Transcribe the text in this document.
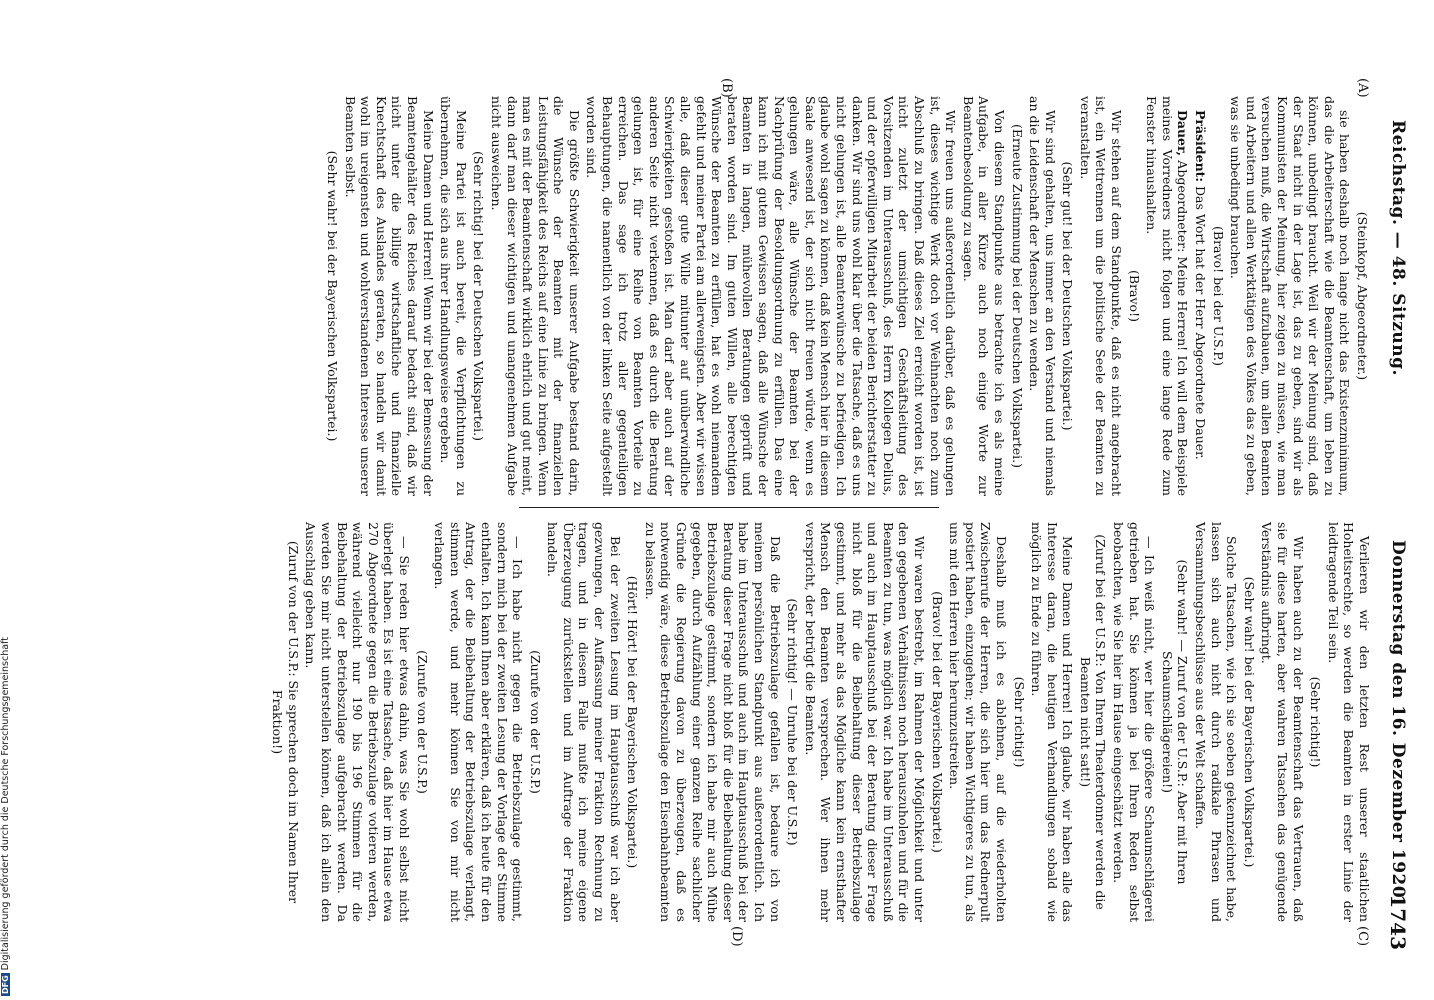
Reichstag. — 48. Sitzung.
Donnerstag den 16. Dezember 1920.
1743
(A)
(B)
(C)
(D)

(Steinkopf, Abgeordneter.)

sie haben deshalb noch lange nicht das Existenzminimum, das die Arbeiterschaft wie die Beamtenschaft, um leben zu können, unbedingt braucht. Weil wir der Meinung sind, daß der Staat nicht in der Lage ist, das zu geben, sind wir als Kommunisten der Meinung, hier zeigen zu müssen, wie man versuchen muß, die Wirtschaft aufzubauen, um allen Beamten und Arbeitern und allen Werktätigen des Volkes das zu geben, was sie unbedingt brauchen.

(Bravo! bei der U.S.P.)

Präsident: Das Wort hat der Herr Abgeordnete Dauer.

Dauer, Abgeordneter: Meine Herren! Ich will dem Beispiele meines Vorredners nicht folgen und eine lange Rede zum Fenster hinaushalten.

(Bravo!)

Wir stehen auf dem Standpunkte, daß es nicht angebracht ist, ein Wettrennen um die politische Seele der Beamten zu veranstalten.

(Sehr gut! bei der Deutschen Volkspartei.)

Wir sind gehalten, uns immer an den Verstand und niemals an die Leidenschaft der Menschen zu wenden.

(Erneute Zustimmung bei der Deutschen Volkspartei.)

Von diesem Standpunkte aus betrachte ich es als meine Aufgabe, in aller Kürze auch noch einige Worte zur Beamtenbesoldung zu sagen.

Wir freuen uns außerordentlich darüber, daß es gelungen ist, dieses wichtige Werk doch vor Weihnachten noch zum Abschluß zu bringen. Daß dieses Ziel erreicht worden ist, ist nicht zuletzt der umsichtigen Geschäftsleitung des Vorsitzenden im Unterausschuß, des Herrn Kollegen Delius, und der opferwilligen Mitarbeit der beiden Berichterstatter zu danken. Wir sind uns wohl klar über die Tatsache, daß es uns nicht gelungen ist, alle Beamtenwünsche zu befriedigen. Ich glaube wohl sagen zu können, daß kein Mensch hier in diesem Saale anwesend ist, der sich nicht freuen würde, wenn es gelungen wäre, alle Wünsche der Beamten bei der Nachprüfung der Besoldungsordnung zu erfüllen. Das eine kann ich mit gutem Gewissen sagen, daß alle Wünsche der Beamten in langen, mühevollen Beratungen geprüft und beraten worden sind. Im guten Willen, alle berechtigten Wünsche der Beamten zu erfüllen, hat es wohl niemandem gefehlt und meiner Partei am allerwenigsten. Aber wir wissen alle, daß dieser gute Wille mitunter auf unüberwindliche Schwierigkeiten gestoßen ist. Man darf aber auch auf der anderen Seite nicht verkennen, daß es durch die Beratung gelungen ist, für eine Reihe von Beamten Vorteile zu erreichen. Das sage ich trotz aller gegenteiligen Behauptungen, die namentlich von der linken Seite aufgestellt worden sind.

Die größte Schwierigkeit unserer Aufgabe bestand darin, die Wünsche der Beamten mit der finanziellen Leistungsfähigkeit des Reichs auf eine Linie zu bringen. Wenn man es mit der Beamtenschaft wirklich ehrlich und gut meint, dann darf man dieser wichtigen und unangenehmen Aufgabe nicht ausweichen.

(Sehr richtig! bei der Deutschen Volkspartei.)

Meine Partei ist auch bereit, die Verpflichtungen zu übernehmen, die sich aus ihrer Handlungsweise ergeben.

Meine Damen und Herren! Wenn wir bei der Bemessung der Beamtengehälter des Reiches darauf bedacht sind, daß wir nicht unter die billige wirtschaftliche und finanzielle Knechtschaft des Auslandes geraten, so handeln wir damit wohl im ureigensten und wohlverstandenen Interesse unserer Beamten selbst.

(Sehr wahr! bei der Bayerischen Volkspartei.)

Verlieren wir den letzten Rest unserer staatlichen Hoheitsrechte, so werden die Beamten in erster Linie der leidtragende Teil sein.

(Sehr richtig!)

Wir haben auch zu der Beamtenschaft das Vertrauen, daß sie für diese harten, aber wahren Tatsachen das genügende Verständnis aufbringt.

(Sehr wahr! bei der Bayerischen Volkspartei.)

Solche Tatsachen, wie ich sie soeben gekennzeichnet habe, lassen sich auch nicht durch radikale Phrasen und Versammlungsbeschlüsse aus der Welt schaffen.

(Sehr wahr! — Zuruf von der U.S.P.: Aber mit Ihren Schaumschlägereien!)

— Ich weiß nicht, wer hier die größere Schaumschlägerei getrieben hat. Sie können ja bei Ihren Reden selbst beobachten, wie Sie hier im Hause eingeschätzt werden.

(Zuruf bei der U.S.P.: Von Ihrem Theaterdonner werden die Beamten nicht satt!)

Meine Damen und Herren! Ich glaube, wir haben alle das Interesse daran, die heutigen Verhandlungen sobald wie möglich zu Ende zu führen.

(Sehr richtig!)

Deshalb muß ich es ablehnen, auf die wiederholten Zwischenrufe der Herren, die sich hier um das Rednerpult postiert haben, einzugehen; wir haben Wichtigeres zu tun, als uns mit den Herren hier herumzustreiten.

(Bravo! bei der Bayerischen Volkspartei.)

Wir waren bestrebt, im Rahmen der Möglichkeit und unter den gegebenen Verhältnissen noch herauszuholen und für die Beamten zu tun, was möglich war. Ich habe im Unterausschuß und auch im Hauptausschuß bei der Beratung dieser Frage nicht bloß für die Beibehaltung dieser Betriebszulage gestimmt, und mehr als das Mögliche kann kein ernsthafter Mensch den Beamten versprechen. Wer ihnen mehr verspricht, der betrügt die Beamten.

(Sehr richtig! — Unruhe bei der U.S.P.)

Daß die Betriebszulage gefallen ist, bedaure ich von meinem persönlichen Standpunkt aus außerordentlich. Ich habe im Unterausschuß und auch im Hauptausschuß bei der Beratung dieser Frage nicht bloß für die Beibehaltung dieser Betriebszulage gestimmt, sondern ich habe mir auch Mühe gegeben, durch Aufzählung einer ganzen Reihe sachlicher Gründe die Regierung davon zu überzeugen, daß es notwendig wäre, diese Betriebszulage den Eisenbahnbeamten zu belassen.

(Hört! Hört! bei der Bayerischen Volkspartei.)

Bei der zweiten Lesung im Hauptausschuß war ich aber gezwungen, der Auffassung meiner Fraktion Rechnung zu tragen, und in diesem Falle mußte ich meine eigene Überzeugung zurückstellen und im Auftrage der Fraktion handeln.

(Zurufe von der U.S.P.)

— Ich habe nicht gegen die Betriebszulage gestimmt, sondern mich bei der zweiten Lesung der Vorlage der Stimme enthalten. Ich kann Ihnen aber erklären, daß ich heute für den Antrag, der die Beibehaltung der Betriebszulage verlangt, stimmen werde, und mehr können Sie von mir nicht verlangen.

(Zurufe von der U.S.P.)

— Sie reden hier etwas dahin, was Sie wohl selbst nicht überlegt haben. Es ist eine Tatsache, daß hier im Hause etwa 270 Abgeordnete gegen die Betriebszulage votieren werden, während vielleicht nur 190 bis 196 Stimmen für die Beibehaltung der Betriebszulage aufgebracht werden. Da werden Sie mir nicht unterstellen können, daß ich allein den Ausschlag geben kann.

(Zuruf von der U.S.P.: Sie sprechen doch im Namen Ihrer Fraktion!)

DFGDigitalisierung gefördert durch die Deutsche Forschungsgemeinschaft
